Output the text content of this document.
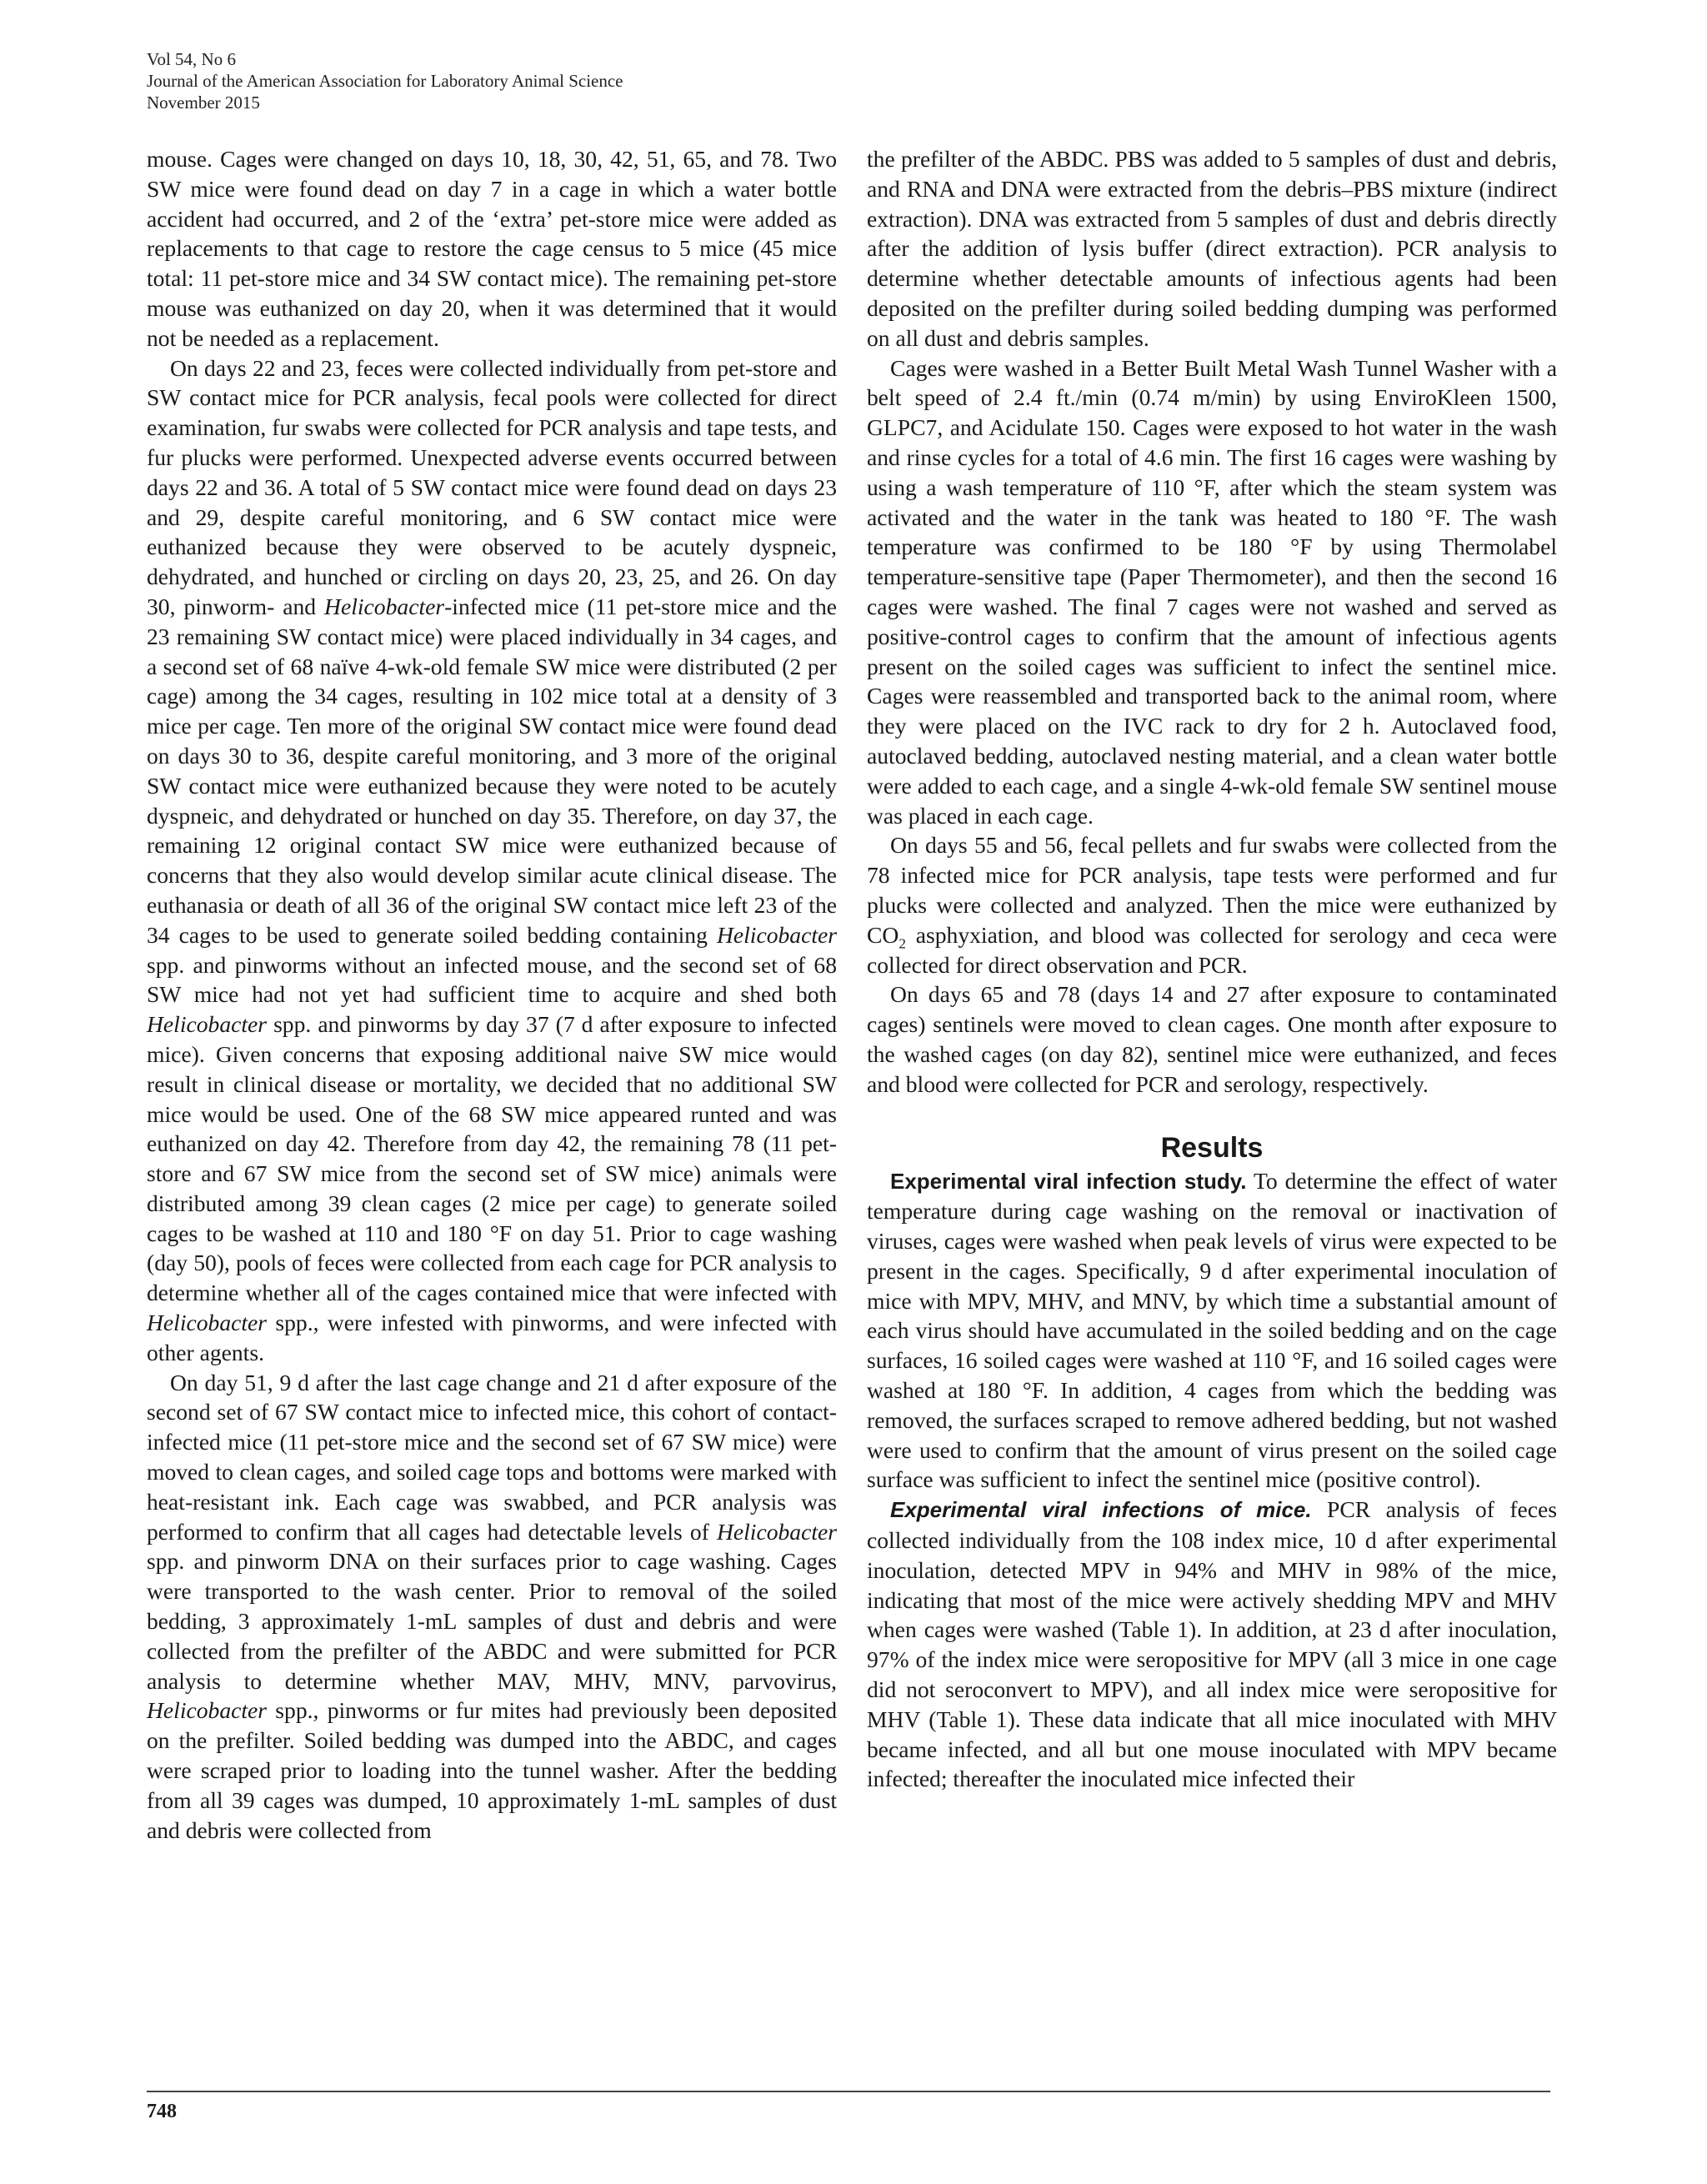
Vol 54, No 6
Journal of the American Association for Laboratory Animal Science
November 2015

mouse. Cages were changed on days 10, 18, 30, 42, 51, 65, and 78. Two SW mice were found dead on day 7 in a cage in which a water bottle accident had occurred, and 2 of the ‘extra’ pet-store mice were added as replacements to that cage to restore the cage census to 5 mice (45 mice total: 11 pet-store mice and 34 SW contact mice). The remaining pet-store mouse was euthanized on day 20, when it was determined that it would not be needed as a replacement.

On days 22 and 23, feces were collected individually from pet-store and SW contact mice for PCR analysis, fecal pools were collected for direct examination, fur swabs were collected for PCR analysis and tape tests, and fur plucks were performed. Unexpected adverse events occurred between days 22 and 36. A total of 5 SW contact mice were found dead on days 23 and 29, despite careful monitoring, and 6 SW contact mice were euthanized because they were observed to be acutely dyspneic, dehydrated, and hunched or circling on days 20, 23, 25, and 26. On day 30, pinworm- and Helicobacter-infected mice (11 pet-store mice and the 23 remaining SW contact mice) were placed individually in 34 cages, and a second set of 68 naïve 4-wk-old female SW mice were distributed (2 per cage) among the 34 cages, resulting in 102 mice total at a density of 3 mice per cage. Ten more of the original SW contact mice were found dead on days 30 to 36, despite careful monitoring, and 3 more of the original SW contact mice were euthanized because they were noted to be acutely dyspneic, and dehydrated or hunched on day 35. Therefore, on day 37, the remaining 12 original contact SW mice were euthanized because of concerns that they also would develop similar acute clinical disease. The euthanasia or death of all 36 of the original SW contact mice left 23 of the 34 cages to be used to generate soiled bedding containing Helicobacter spp. and pinworms without an infected mouse, and the second set of 68 SW mice had not yet had sufficient time to acquire and shed both Helicobacter spp. and pinworms by day 37 (7 d after exposure to infected mice). Given concerns that exposing additional naive SW mice would result in clinical disease or mortality, we decided that no additional SW mice would be used. One of the 68 SW mice appeared runted and was euthanized on day 42. Therefore from day 42, the remaining 78 (11 pet-store and 67 SW mice from the second set of SW mice) animals were distributed among 39 clean cages (2 mice per cage) to generate soiled cages to be washed at 110 and 180 °F on day 51. Prior to cage washing (day 50), pools of feces were collected from each cage for PCR analysis to determine whether all of the cages contained mice that were infected with Helicobacter spp., were infested with pinworms, and were infected with other agents.

On day 51, 9 d after the last cage change and 21 d after exposure of the second set of 67 SW contact mice to infected mice, this cohort of contact-infected mice (11 pet-store mice and the second set of 67 SW mice) were moved to clean cages, and soiled cage tops and bottoms were marked with heat-resistant ink. Each cage was swabbed, and PCR analysis was performed to confirm that all cages had detectable levels of Helicobacter spp. and pinworm DNA on their surfaces prior to cage washing. Cages were transported to the wash center. Prior to removal of the soiled bedding, 3 approximately 1-mL samples of dust and debris and were collected from the prefilter of the ABDC and were submitted for PCR analysis to determine whether MAV, MHV, MNV, parvovirus, Helicobacter spp., pinworms or fur mites had previously been deposited on the prefilter. Soiled bedding was dumped into the ABDC, and cages were scraped prior to loading into the tunnel washer. After the bedding from all 39 cages was dumped, 10 approximately 1-mL samples of dust and debris were collected from

the prefilter of the ABDC. PBS was added to 5 samples of dust and debris, and RNA and DNA were extracted from the debris–PBS mixture (indirect extraction). DNA was extracted from 5 samples of dust and debris directly after the addition of lysis buffer (direct extraction). PCR analysis to determine whether detectable amounts of infectious agents had been deposited on the prefilter during soiled bedding dumping was performed on all dust and debris samples.

Cages were washed in a Better Built Metal Wash Tunnel Washer with a belt speed of 2.4 ft./min (0.74 m/min) by using EnviroKleen 1500, GLPC7, and Acidulate 150. Cages were exposed to hot water in the wash and rinse cycles for a total of 4.6 min. The first 16 cages were washing by using a wash temperature of 110 °F, after which the steam system was activated and the water in the tank was heated to 180 °F. The wash temperature was confirmed to be 180 °F by using Thermolabel temperature-sensitive tape (Paper Thermometer), and then the second 16 cages were washed. The final 7 cages were not washed and served as positive-control cages to confirm that the amount of infectious agents present on the soiled cages was sufficient to infect the sentinel mice. Cages were reassembled and transported back to the animal room, where they were placed on the IVC rack to dry for 2 h. Autoclaved food, autoclaved bedding, autoclaved nesting material, and a clean water bottle were added to each cage, and a single 4-wk-old female SW sentinel mouse was placed in each cage.

On days 55 and 56, fecal pellets and fur swabs were collected from the 78 infected mice for PCR analysis, tape tests were performed and fur plucks were collected and analyzed. Then the mice were euthanized by $CO_2$ asphyxiation, and blood was collected for serology and ceca were collected for direct observation and PCR.

On days 65 and 78 (days 14 and 27 after exposure to contaminated cages) sentinels were moved to clean cages. One month after exposure to the washed cages (on day 82), sentinel mice were euthanized, and feces and blood were collected for PCR and serology, respectively.

Results

Experimental viral infection study. To determine the effect of water temperature during cage washing on the removal or inactivation of viruses, cages were washed when peak levels of virus were expected to be present in the cages. Specifically, 9 d after experimental inoculation of mice with MPV, MHV, and MNV, by which time a substantial amount of each virus should have accumulated in the soiled bedding and on the cage surfaces, 16 soiled cages were washed at 110 °F, and 16 soiled cages were washed at 180 °F. In addition, 4 cages from which the bedding was removed, the surfaces scraped to remove adhered bedding, but not washed were used to confirm that the amount of virus present on the soiled cage surface was sufficient to infect the sentinel mice (positive control).

Experimental viral infections of mice. PCR analysis of feces collected individually from the 108 index mice, 10 d after experimental inoculation, detected MPV in 94% and MHV in 98% of the mice, indicating that most of the mice were actively shedding MPV and MHV when cages were washed (Table 1). In addition, at 23 d after inoculation, 97% of the index mice were seropositive for MPV (all 3 mice in one cage did not seroconvert to MPV), and all index mice were seropositive for MHV (Table 1). These data indicate that all mice inoculated with MHV became infected, and all but one mouse inoculated with MPV became infected; thereafter the inoculated mice infected their

748
